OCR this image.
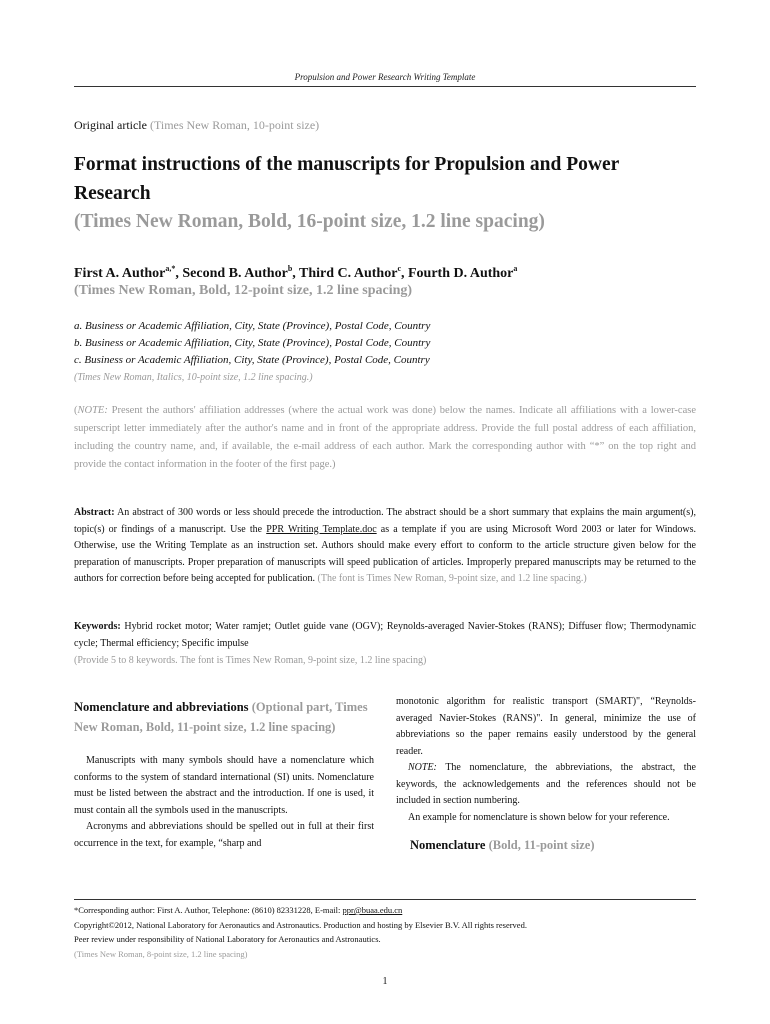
Propulsion and Power Research Writing Template
Original article (Times New Roman, 10-point size)
Format instructions of the manuscripts for Propulsion and Power Research
(Times New Roman, Bold, 16-point size, 1.2 line spacing)
First A. Author$^{a,*}$, Second B. Author$^b$, Third C. Author$^c$, Fourth D. Author$^a$
(Times New Roman, Bold, 12-point size, 1.2 line spacing)
a. Business or Academic Affiliation, City, State (Province), Postal Code, Country
b. Business or Academic Affiliation, City, State (Province), Postal Code, Country
c. Business or Academic Affiliation, City, State (Province), Postal Code, Country
(Times New Roman, Italics, 10-point size, 1.2 line spacing.)
(NOTE: Present the authors' affiliation addresses (where the actual work was done) below the names. Indicate all affiliations with a lower-case superscript letter immediately after the author's name and in front of the appropriate address. Provide the full postal address of each affiliation, including the country name, and, if available, the e-mail address of each author. Mark the corresponding author with “*” on the top right and provide the contact information in the footer of the first page.)
Abstract: An abstract of 300 words or less should precede the introduction. The abstract should be a short summary that explains the main argument(s), topic(s) or findings of a manuscript. Use the PPR Writing Template.doc as a template if you are using Microsoft Word 2003 or later for Windows. Otherwise, use the Writing Template as an instruction set. Authors should make every effort to conform to the article structure given below for the preparation of manuscripts. Proper preparation of manuscripts will speed publication of articles. Improperly prepared manuscripts may be returned to the authors for correction before being accepted for publication. (The font is Times New Roman, 9-point size, and 1.2 line spacing.)
Keywords: Hybrid rocket motor; Water ramjet; Outlet guide vane (OGV); Reynolds-averaged Navier-Stokes (RANS); Diffuser flow; Thermodynamic cycle; Thermal efficiency; Specific impulse
(Provide 5 to 8 keywords. The font is Times New Roman, 9-point size, 1.2 line spacing)
Nomenclature and abbreviations (Optional part, Times New Roman, Bold, 11-point size, 1.2 line spacing)

Manuscripts with many symbols should have a nomenclature which conforms to the system of standard international (SI) units. Nomenclature must be listed between the abstract and the introduction. If one is used, it must contain all the symbols used in the manuscripts.

Acronyms and abbreviations should be spelled out in full at their first occurrence in the text, for example, “sharp and

monotonic algorithm for realistic transport (SMART)", “Reynolds-averaged Navier-Stokes (RANS)". In general, minimize the use of abbreviations so the paper remains easily understood by the general reader.

NOTE: The nomenclature, the abbreviations, the abstract, the keywords, the acknowledgements and the references should not be included in section numbering.

An example for nomenclature is shown below for your reference.

Nomenclature (Bold, 11-point size)
*Corresponding author: First A. Author, Telephone: (8610) 82331228, E-mail: ppr@buaa.edu.cn
Copyright©2012, National Laboratory for Aeronautics and Astronautics. Production and hosting by Elsevier B.V. All rights reserved.
Peer review under responsibility of National Laboratory for Aeronautics and Astronautics.
(Times New Roman, 8-point size, 1.2 line spacing)
1
